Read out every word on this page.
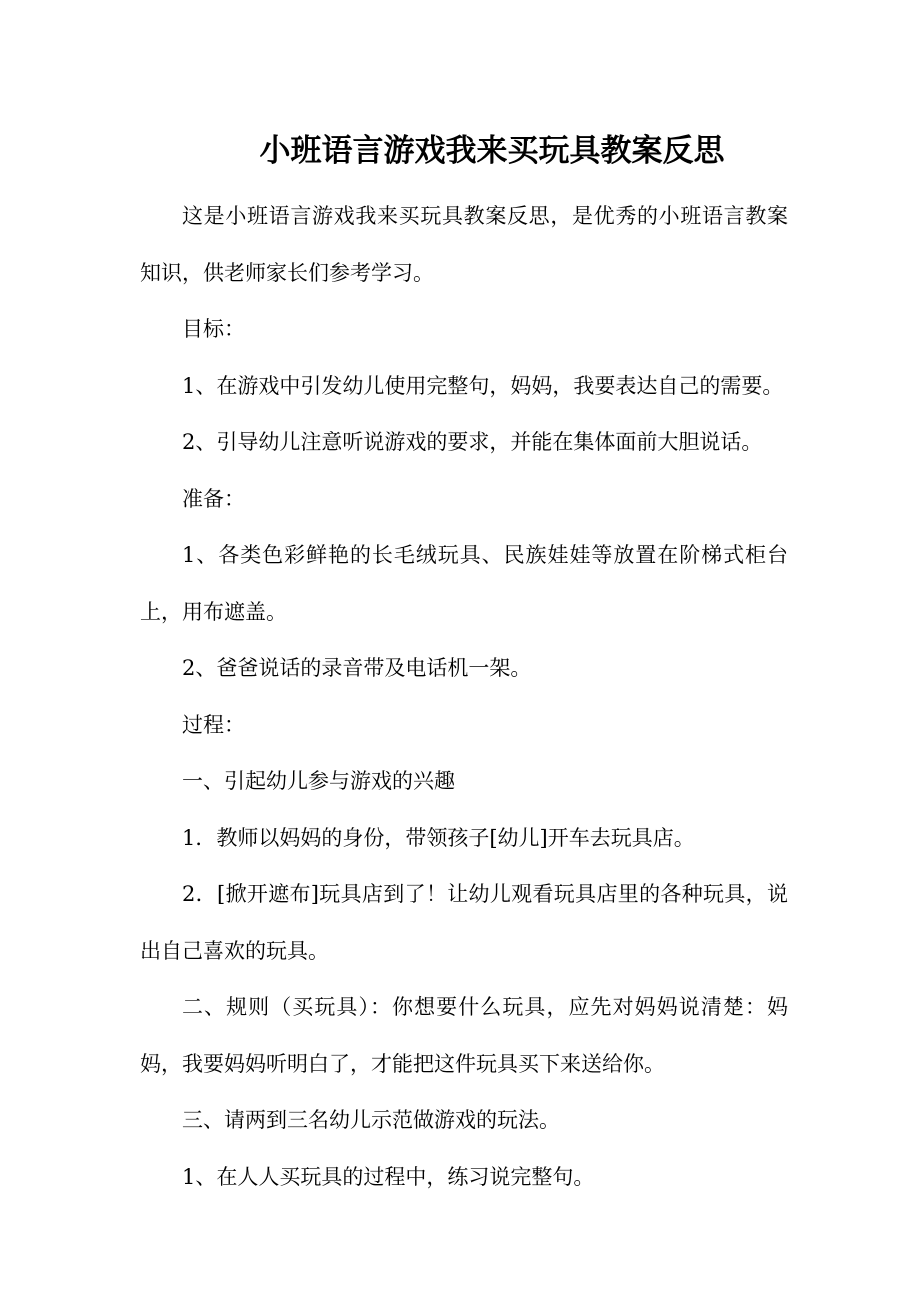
小班语言游戏我来买玩具教案反思

这是小班语言游戏我来买玩具教案反思，是优秀的小班语言教案知识，供老师家长们参考学习。

目标：

1、在游戏中引发幼儿使用完整句，妈妈，我要表达自己的需要。

2、引导幼儿注意听说游戏的要求，并能在集体面前大胆说话。

准备：

1、各类色彩鲜艳的长毛绒玩具、民族娃娃等放置在阶梯式柜台上，用布遮盖。

2、爸爸说话的录音带及电话机一架。

过程：

一、引起幼儿参与游戏的兴趣

1．教师以妈妈的身份，带领孩子[幼儿]开车去玩具店。

2．[掀开遮布]玩具店到了！让幼儿观看玩具店里的各种玩具，说出自己喜欢的玩具。

二、规则（买玩具）：你想要什么玩具，应先对妈妈说清楚：妈妈，我要妈妈听明白了，才能把这件玩具买下来送给你。

三、请两到三名幼儿示范做游戏的玩法。

1、在人人买玩具的过程中，练习说完整句。
